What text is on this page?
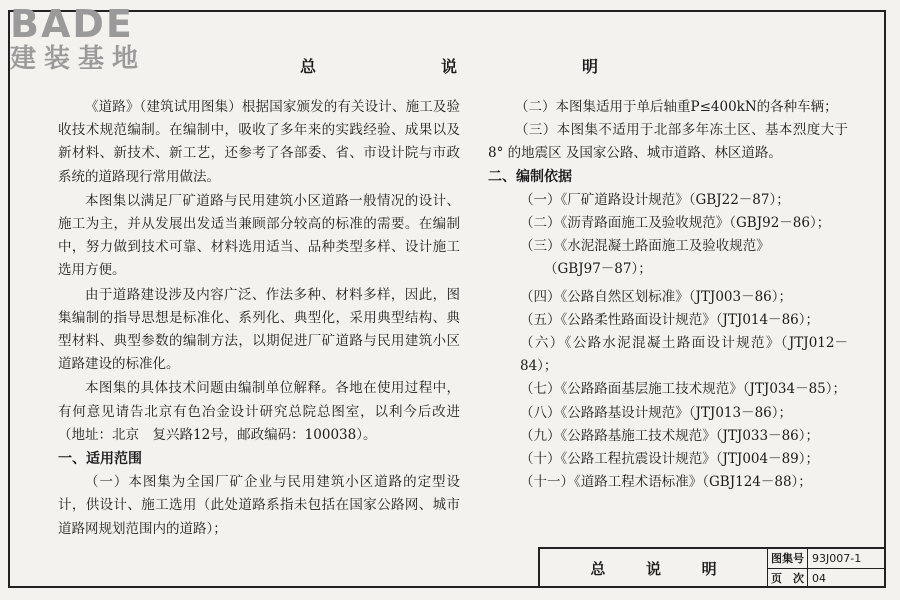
BADE
建装基地	总	说	明

《道路》（建筑试用图集）根据国家颁发的有关设计、施工及验收技术规范编制。在编制中，吸收了多年来的实践经验、成果以及新材料、新技术、新工艺，还参考了各部委、省、市设计院与市政系统的道路现行常用做法。

本图集以满足厂矿道路与民用建筑小区道路一般情况的设计、施工为主，并从发展出发适当兼顾部分较高的标准的需要。在编制中，努力做到技术可靠、材料选用适当、品种类型多样、设计施工选用方便。

由于道路建设涉及内容广泛、作法多种、材料多样，因此，图集编制的指导思想是标准化、系列化、典型化，采用典型结构、典型材料、典型参数的编制方法，以期促进厂矿道路与民用建筑小区道路建设的标准化。

本图集的具体技术问题由编制单位解释。各地在使用过程中，有何意见请告北京有色冶金设计研究总院总图室，以利今后改进　（地址：北京　复兴路12号，邮政编码：100038）。

一、适用范围

（一）本图集为全国厂矿企业与民用建筑小区道路的定型设计，供设计、施工选用（此处道路系指未包括在国家公路网、城市道路网规划范围内的道路）；

（二）本图集适用于单后轴重P≤400kN的各种车辆；

（三）本图集不适用于北部多年冻土区、基本烈度大于 8° 的地震区 及国家公路、城市道路、林区道路。

二、编制依据

（一）《厂矿道路设计规范》（GBJ22－87）；

（二）《沥青路面施工及验收规范》（GBJ92－86）；

（三）《水泥混凝土路面施工及验收规范》

（GBJ97－87）；

（四）《公路自然区划标准》（JTJ003－86）；

（五）《公路柔性路面设计规范》（JTJ014－86）；

（六）《公路水泥混凝土路面设计规范》（JTJ012－84）；

（七）《公路路面基层施工技术规范》（JTJ034－85）；

（八）《公路路基设计规范》（JTJ013－86）；

（九）《公路路基施工技术规范》（JTJ033－86）；

（十）《公路工程抗震设计规范》（JTJ004－89）；

（十一）《道路工程术语标准》（GBJ124－88）；

总	说	明
图集号 93J007-1
页　次 04
